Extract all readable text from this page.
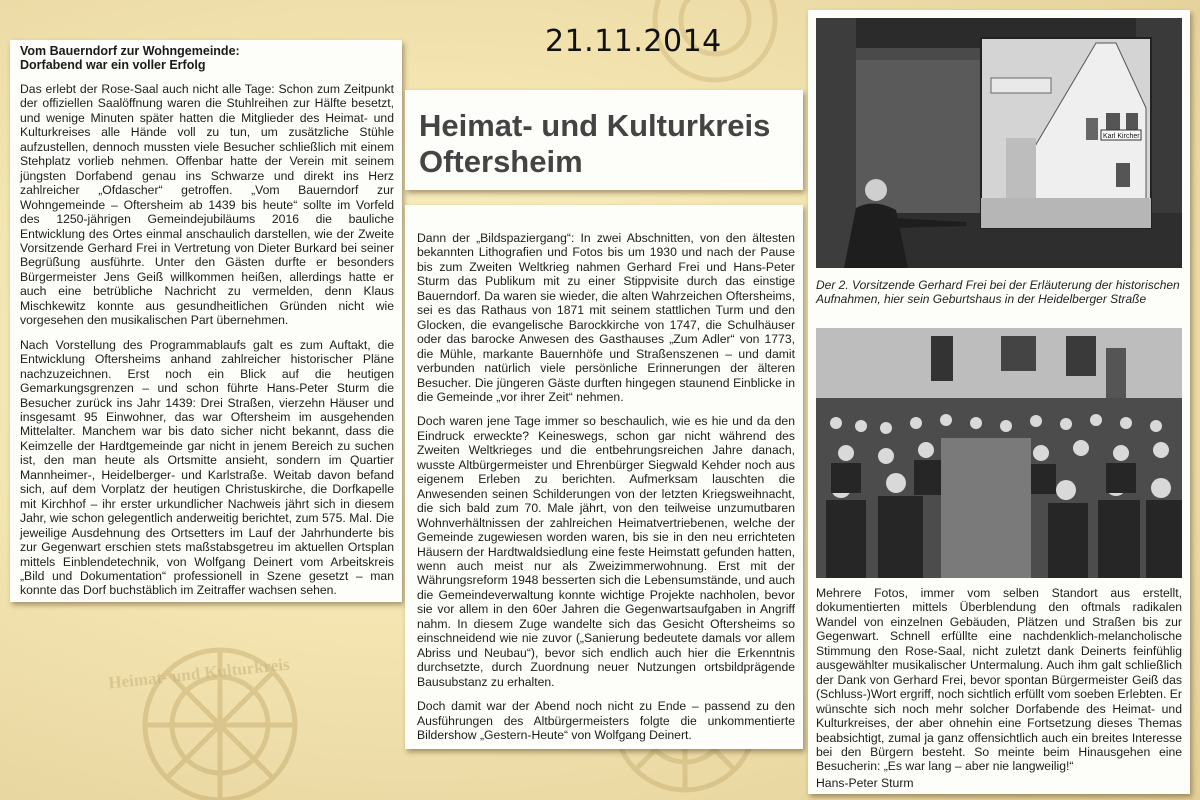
Heimat- und Kulturkreis
21.11.2014
Vom Bauerndorf zur Wohngemeinde:
Dorfabend war ein voller Erfolg

Das erlebt der Rose-Saal auch nicht alle Tage: Schon zum Zeitpunkt der offiziellen Saalöffnung waren die Stuhlreihen zur Hälfte besetzt, und wenige Minuten später hatten die Mitglieder des Heimat- und Kulturkreises alle Hände voll zu tun, um zusätzliche Stühle aufzustellen, dennoch mussten viele Besucher schließlich mit einem Stehplatz vorlieb nehmen. Offenbar hatte der Verein mit seinem jüngsten Dorfabend genau ins Schwarze und direkt ins Herz zahlreicher „Ofdascher“ getroffen. „Vom Bauerndorf zur Wohngemeinde – Oftersheim ab 1439 bis heute“ sollte im Vorfeld des 1250-jährigen Gemeindejubiläums 2016 die bauliche Entwicklung des Ortes einmal anschaulich darstellen, wie der Zweite Vorsitzende Gerhard Frei in Vertretung von Dieter Burkard bei seiner Begrüßung ausführte. Unter den Gästen durfte er besonders Bürgermeister Jens Geiß willkommen heißen, allerdings hatte er auch eine betrübliche Nachricht zu vermelden, denn Klaus Mischkewitz konnte aus gesundheitlichen Gründen nicht wie vorgesehen den musikalischen Part übernehmen.

Nach Vorstellung des Programmablaufs galt es zum Auftakt, die Entwicklung Oftersheims anhand zahlreicher historischer Pläne nachzuzeichnen. Erst noch ein Blick auf die heutigen Gemarkungsgrenzen – und schon führte Hans-Peter Sturm die Besucher zurück ins Jahr 1439: Drei Straßen, vierzehn Häuser und insgesamt 95 Einwohner, das war Oftersheim im ausgehenden Mittelalter. Manchem war bis dato sicher nicht bekannt, dass die Keimzelle der Hardtgemeinde gar nicht in jenem Bereich zu suchen ist, den man heute als Ortsmitte ansieht, sondern im Quartier Mannheimer-, Heidelberger- und Karlstraße. Weitab davon befand sich, auf dem Vorplatz der heutigen Christuskirche, die Dorfkapelle mit Kirchhof – ihr erster urkundlicher Nachweis jährt sich in diesem Jahr, wie schon gelegentlich anderweitig berichtet, zum 575. Mal. Die jeweilige Ausdehnung des Ortsetters im Lauf der Jahrhunderte bis zur Gegenwart erschien stets maßstabsgetreu im aktuellen Ortsplan mittels Einblendetechnik, von Wolfgang Deinert vom Arbeitskreis „Bild und Dokumentation“ professionell in Szene gesetzt – man konnte das Dorf buchstäblich im Zeitraffer wachsen sehen.

Heimat- und Kulturkreis Oftersheim

Dann der „Bildspaziergang“: In zwei Abschnitten, von den ältesten bekannten Lithografien und Fotos bis um 1930 und nach der Pause bis zum Zweiten Weltkrieg nahmen Gerhard Frei und Hans-Peter Sturm das Publikum mit zu einer Stippvisite durch das einstige Bauerndorf. Da waren sie wieder, die alten Wahrzeichen Oftersheims, sei es das Rathaus von 1871 mit seinem stattlichen Turm und den Glocken, die evangelische Barockkirche von 1747, die Schulhäuser oder das barocke Anwesen des Gasthauses „Zum Adler“ von 1773, die Mühle, markante Bauernhöfe und Straßenszenen – und damit verbunden natürlich viele persönliche Erinnerungen der älteren Besucher. Die jüngeren Gäste durften hingegen staunend Einblicke in die Gemeinde „vor ihrer Zeit“ nehmen.

Doch waren jene Tage immer so beschaulich, wie es hie und da den Eindruck erweckte? Keineswegs, schon gar nicht während des Zweiten Weltkrieges und die entbehrungsreichen Jahre danach, wusste Altbürgermeister und Ehrenbürger Siegwald Kehder noch aus eigenem Erleben zu berichten. Aufmerksam lauschten die Anwesenden seinen Schilderungen von der letzten Kriegsweihnacht, die sich bald zum 70. Male jährt, von den teilweise unzumutbaren Wohnverhältnissen der zahlreichen Heimatvertriebenen, welche der Gemeinde zugewiesen worden waren, bis sie in den neu errichteten Häusern der Hardtwaldsiedlung eine feste Heimstatt gefunden hatten, wenn auch meist nur als Zweizimmerwohnung. Erst mit der Währungsreform 1948 besserten sich die Lebensumstände, und auch die Gemeindeverwaltung konnte wichtige Projekte nachholen, bevor sie vor allem in den 60er Jahren die Gegenwartsaufgaben in Angriff nahm. In diesem Zuge wandelte sich das Gesicht Oftersheims so einschneidend wie nie zuvor („Sanierung bedeutete damals vor allem Abriss und Neubau“), bevor sich endlich auch hier die Erkenntnis durchsetzte, durch Zuordnung neuer Nutzungen ortsbildprägende Bausubstanz zu erhalten.

Doch damit war der Abend noch nicht zu Ende – passend zu den Ausführungen des Altbürgermeisters folgte die unkommentierte Bildershow „Gestern-Heute“ von Wolfgang Deinert.

Karl Kircher

Der 2. Vorsitzende Gerhard Frei bei der Erläuterung der historischen Aufnahmen, hier sein Geburtshaus in der Heidelberger Straße

Mehrere Fotos, immer vom selben Standort aus erstellt, dokumentierten mittels Überblendung den oftmals radikalen Wandel von einzelnen Gebäuden, Plätzen und Straßen bis zur Gegenwart. Schnell erfüllte eine nachdenklich-melancholische Stimmung den Rose-Saal, nicht zuletzt dank Deinerts feinfühlig ausgewählter musikalischer Untermalung. Auch ihm galt schließlich der Dank von Gerhard Frei, bevor spontan Bürgermeister Geiß das (Schluss-)Wort ergriff, noch sichtlich erfüllt vom soeben Erlebten. Er wünschte sich noch mehr solcher Dorfabende des Heimat- und Kulturkreises, der aber ohnehin eine Fortsetzung dieses Themas beabsichtigt, zumal ja ganz offensichtlich auch ein breites Interesse bei den Bürgern besteht. So meinte beim Hinausgehen eine Besucherin: „Es war lang – aber nie langweilig!“

Hans-Peter Sturm
